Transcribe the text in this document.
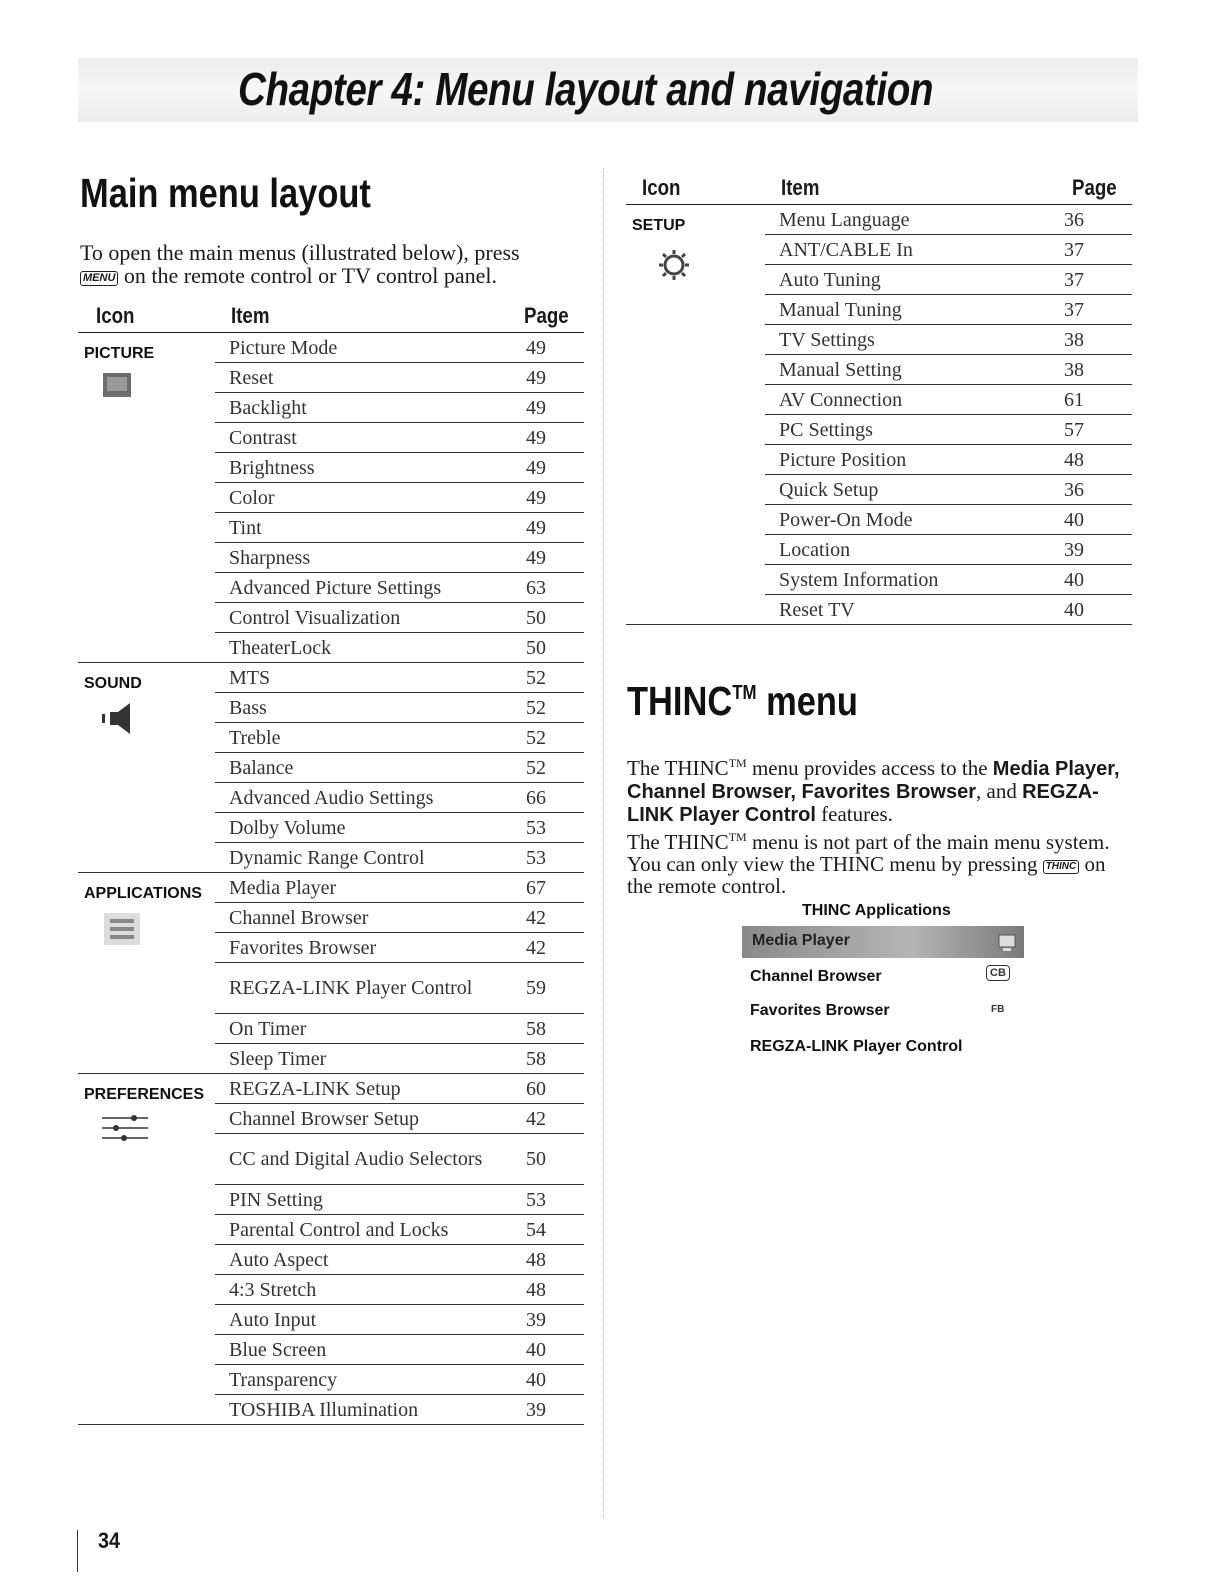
Chapter 4: Menu layout and navigation
Main menu layout

To open the main menus (illustrated below), press
MENU on the remote control or TV control panel.

Icon	Item	Page

PICTURE	Picture Mode	49
	Reset	49
	Backlight	49
	Contrast	49
	Brightness	49
	Color	49
	Tint	49
	Sharpness	49
	Advanced Picture Settings	63
	Control Visualization	50
	TheaterLock	50

SOUND	MTS	52
	Bass	52
	Treble	52
	Balance	52
	Advanced Audio Settings	66
	Dolby Volume	53
	Dynamic Range Control	53

APPLICATIONS	Media Player	67
	Channel Browser	42
	Favorites Browser	42
	REGZA-LINK Player Control	59
	On Timer	58
	Sleep Timer	58

PREFERENCES	REGZA-LINK Setup	60
	Channel Browser Setup	42
	CC and Digital Audio Selectors	50
	PIN Setting	53
	Parental Control and Locks	54
	Auto Aspect	48
	4:3 Stretch	48
	Auto Input	39
	Blue Screen	40
	Transparency	40
	TOSHIBA Illumination	39
Icon	Item	Page

SETUP	Menu Language	36
	ANT/CABLE In	37
	Auto Tuning	37
	Manual Tuning	37
	TV Settings	38
	Manual Setting	38
	AV Connection	61
	PC Settings	57
	Picture Position	48
	Quick Setup	36
	Power-On Mode	40
	Location	39
	System Information	40
	Reset TV	40
THINC™ menu
The THINC™ menu provides access to the Media Player, Channel Browser, Favorites Browser, and REGZA-LINK Player Control features.
The THINC™ menu is not part of the main menu system. You can only view the THINC menu by pressing THINC on the remote control.
THINC Applications
Media Player
Channel Browser	CB
Favorites Browser	FB
REGZA-LINK Player Control
34
